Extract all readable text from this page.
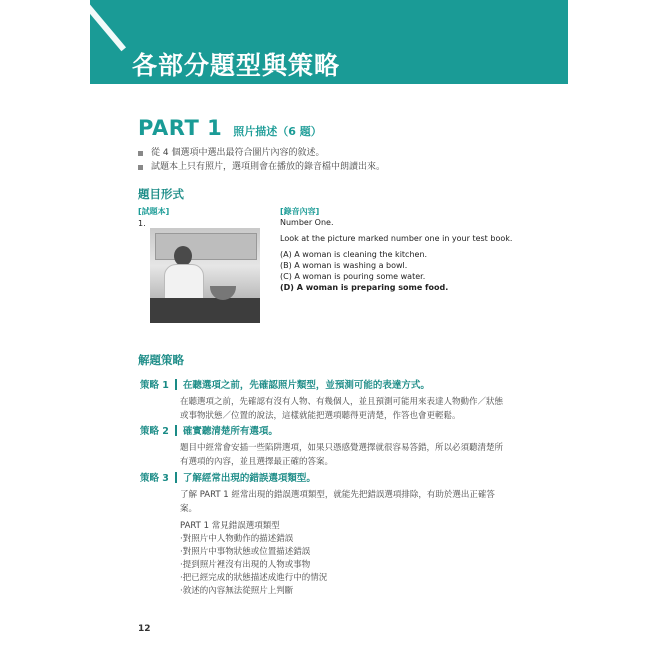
各部分題型與策略
PART 1 照片描述（6 題）
從 4 個選項中選出最符合圖片內容的敘述。
試題本上只有照片，選項則會在播放的錄音檔中朗讀出來。
題目形式
[試題本]
1.
[錄音內容]
Number One.
Look at the picture marked number one in your test book.
(A) A woman is cleaning the kitchen.
(B) A woman is washing a bowl.
(C) A woman is pouring some water.
(D) A woman is preparing some food.
解題策略
策略 1 在聽選項之前，先確認照片類型，並預測可能的表達方式。
在聽選項之前，先確認有沒有人物、有幾個人，並且預測可能用來表達人物動作／狀態
或事物狀態／位置的說法，這樣就能把選項聽得更清楚，作答也會更輕鬆。
策略 2 確實聽清楚所有選項。
題目中經常會安插一些陷阱選項，如果只憑感覺選擇就很容易答錯，所以必須聽清楚所
有選項的內容，並且選擇最正確的答案。
策略 3 了解經常出現的錯誤選項類型。
了解 PART 1 經常出現的錯誤選項類型，就能先把錯誤選項排除，有助於選出正確答
案。
PART 1 常見錯誤選項類型
‧對照片中人物動作的描述錯誤
‧對照片中事物狀態或位置描述錯誤
‧提到照片裡沒有出現的人物或事物
‧把已經完成的狀態描述成進行中的情況
‧敘述的內容無法從照片上判斷
12
